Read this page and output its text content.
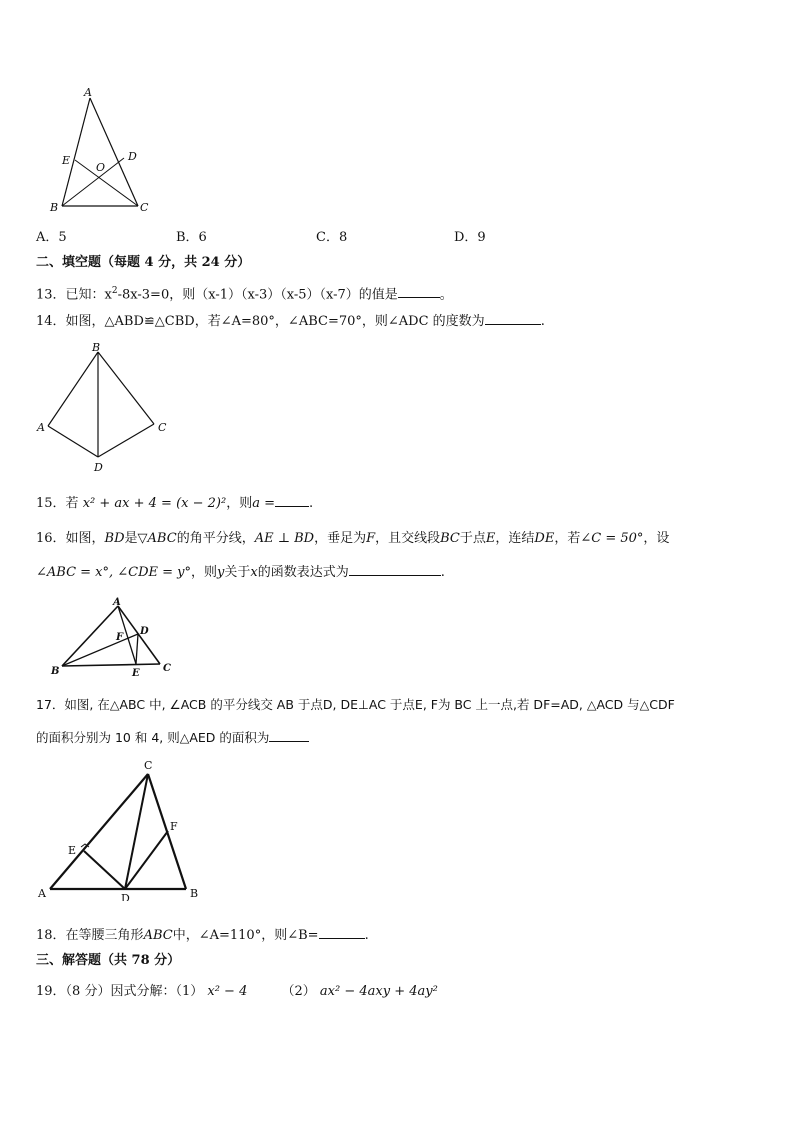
A
E
O
D
B	C
A．5	B．6	C．8	D．9
二、填空题（每题 4 分，共 24 分）
13．已知：$x^2-8x-3=0$，则（x-1）（x-3）（x-5）（x-7）的值是	。
14．如图，△ABD≌△CBD，若∠A=80°，∠ABC=70°，则∠ADC 的度数为	.
B
A	C
D
15．若 x² + ax + 4 = (x − 2)²，则a =	.
16．如图，BD是▽ABC的角平分线，AE ⊥ BD，垂足为F，且交线段BC于点E，连结DE，若∠C = 50°，设
∠ABC = x°, ∠CDE = y°，则y关于x的函数表达式为	.
A
F
D
B	E C
17．如图, 在△ABC 中, ∠ACB 的平分线交 AB 于点D, DE⊥AC 于点E, F为 BC 上一点,若 DF=AD, △ACD 与△CDF
的面积分别为 10 和 4, 则△AED 的面积为
C
F
E
A	D	B
18．在等腰三角形ABC中，∠A=110°，则∠B=	.
三、解答题（共 78 分）
19．（8 分）因式分解：（1） x² − 4	（2） ax² − 4axy + 4ay²
